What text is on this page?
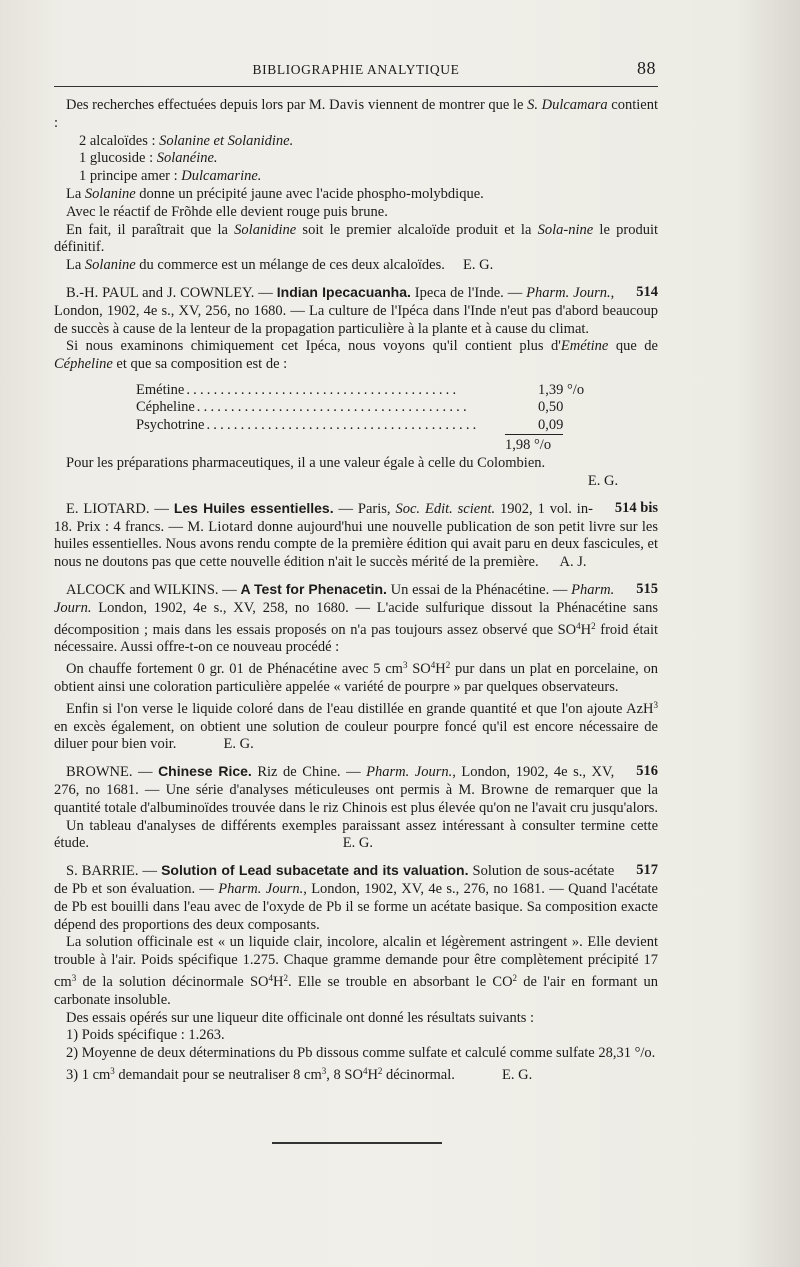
BIBLIOGRAPHIE ANALYTIQUE	88

Des recherches effectuées depuis lors par M. Davis viennent de montrer que le S. Dulcamara contient :

2 alcaloïdes : Solanine et Solanidine.

1 glucoside : Solanéine.

1 principe amer : Dulcamarine.

La Solanine donne un précipité jaune avec l'acide phospho-molybdique.

Avec le réactif de Frõhde elle devient rouge puis brune.

En fait, il paraîtrait que la Solanidine soit le premier alcaloïde produit et la Sola-nine le produit définitif.

La Solanine du commerce est un mélange de ces deux alcaloïdes. E. G.

514
B.-H. PAUL and J. COWNLEY. — Indian Ipecacuanha. Ipeca de l'Inde. — Pharm. Journ., London, 1902, 4e s., XV, 256, no 1680. — La culture de l'Ipéca dans l'Inde n'eut pas d'abord beaucoup de succès à cause de la lenteur de la propagation particulière à la plante et à cause du climat.

Si nous examinons chimiquement cet Ipéca, nous voyons qu'il contient plus d'Emétine que de Cépheline et que sa composition est de :

Emétine ........................................	1,39 °/o
Cépheline ........................................	0,50
Psychotrine ........................................	0,09
1,98 °/o

Pour les préparations pharmaceutiques, il a une valeur égale à celle du Colombien.

E. G.

514 bis
E. LIOTARD. — Les Huiles essentielles. — Paris, Soc. Edit. scient. 1902, 1 vol. in-18. Prix : 4 francs. — M. Liotard donne aujourd'hui une nouvelle publication de son petit livre sur les huiles essentielles. Nous avons rendu compte de la première édition qui avait paru en deux fascicules, et nous ne doutons pas que cette nouvelle édition n'ait le succès mérité de la première. A. J.

515
ALCOCK and WILKINS. — A Test for Phenacetin. Un essai de la Phénacétine. — Pharm. Journ. London, 1902, 4e s., XV, 258, no 1680. — L'acide sulfurique dissout la Phénacétine sans décomposition ; mais dans les essais proposés on n'a pas toujours assez observé que $SO^4H^2$ froid était nécessaire. Aussi offre-t-on ce nouveau procédé :

On chauffe fortement 0 gr. 01 de Phénacétine avec 5 $cm^3$ $SO^4H^2$ pur dans un plat en porcelaine, on obtient ainsi une coloration particulière appelée « variété de pourpre » par quelques observateurs.

Enfin si l'on verse le liquide coloré dans de l'eau distillée en grande quantité et que l'on ajoute AzH$^3$ en excès également, on obtient une solution de couleur pourpre foncé qu'il est encore nécessaire de diluer pour bien voir.	E. G.

516
BROWNE. — Chinese Rice. Riz de Chine. — Pharm. Journ., London, 1902, 4e s., XV, 276, no 1681. — Une série d'analyses méticuleuses ont permis à M. Browne de remarquer que la quantité totale d'albuminoïdes trouvée dans le riz Chinois est plus élevée qu'on ne l'avait cru jusqu'alors.

Un tableau d'analyses de différents exemples paraissant assez intéressant à consulter termine cette étude.	E. G.

517
S. BARRIE. — Solution of Lead subacetate and its valuation. Solution de sous-acétate de Pb et son évaluation. — Pharm. Journ., London, 1902, XV, 4e s., 276, no 1681. — Quand l'acétate de Pb est bouilli dans l'eau avec de l'oxyde de Pb il se forme un acétate basique. Sa composition exacte dépend des proportions des deux composants.

La solution officinale est « un liquide clair, incolore, alcalin et légèrement astringent ». Elle devient trouble à l'air. Poids spécifique 1.275. Chaque gramme demande pour être complètement précipité 17 $cm^3$ de la solution décinormale $SO^4H^2$. Elle se trouble en absorbant le $CO^2$ de l'air en formant un carbonate insoluble.

Des essais opérés sur une liqueur dite officinale ont donné les résultats suivants :

1) Poids spécifique : 1.263.

2) Moyenne de deux déterminations du Pb dissous comme sulfate et calculé comme sulfate 28,31 °/o.

3) 1 $cm^3$ demandait pour se neutraliser 8 $cm^3$, 8 $SO^4H^2$ décinormal.	E. G.
